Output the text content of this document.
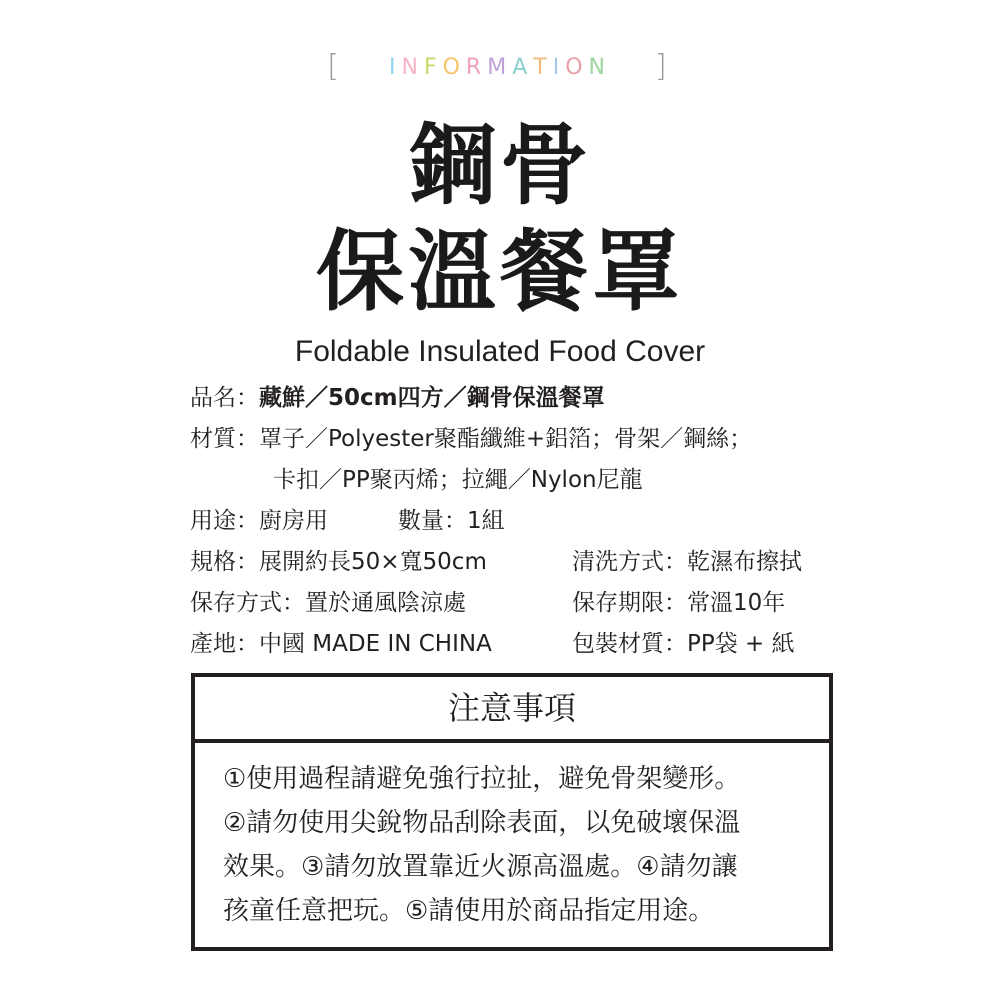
[ INFORMATION ]
鋼骨
保溫餐罩
Foldable Insulated Food Cover
品名：藏鮮／50cm四方／鋼骨保溫餐罩
材質：罩子／Polyester聚酯纖維+鋁箔；骨架／鋼絲；
卡扣／PP聚丙烯；拉繩／Nylon尼龍
用途：廚房用	數量：1組
規格：展開約長50×寬50cm	清洗方式：乾濕布擦拭
保存方式：置於通風陰涼處	保存期限：常溫10年
產地：中國 MADE IN CHINA	包裝材質：PP袋 + 紙
注意事項
①使用過程請避免強行拉扯，避免骨架變形。
②請勿使用尖銳物品刮除表面，以免破壞保溫
效果。③請勿放置靠近火源高溫處。④請勿讓
孩童任意把玩。⑤請使用於商品指定用途。
